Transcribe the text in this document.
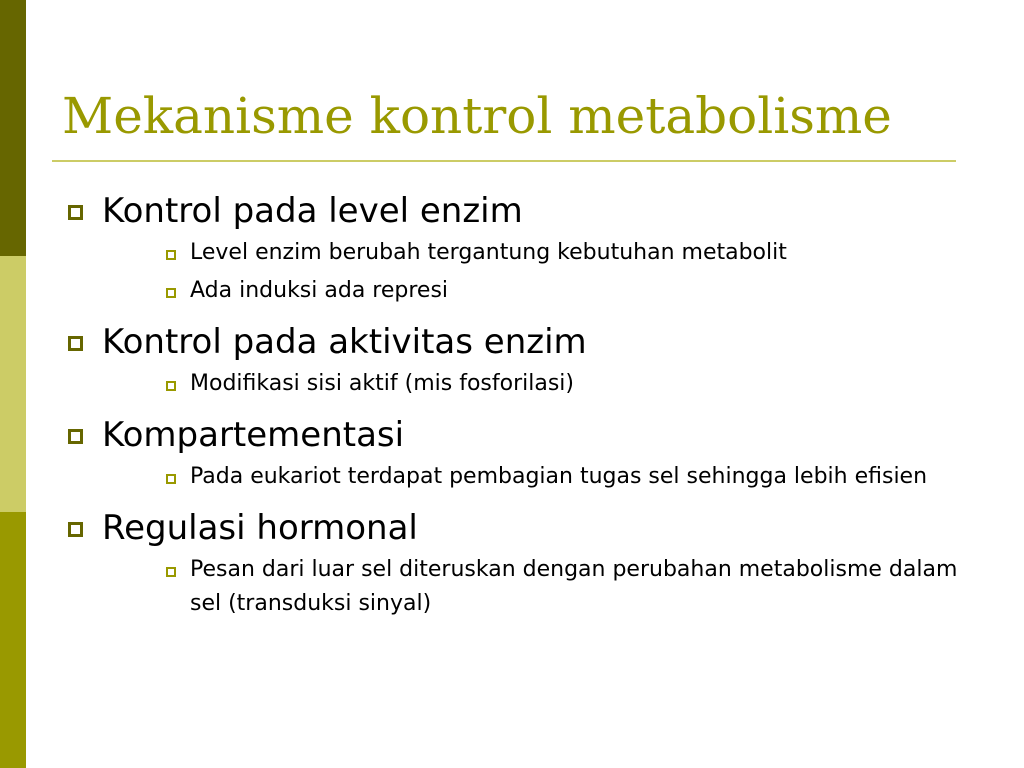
Mekanisme kontrol metabolisme
Kontrol pada level enzim
Level enzim berubah tergantung kebutuhan metabolit
Ada induksi ada represi
Kontrol pada aktivitas enzim
Modifikasi sisi aktif (mis fosforilasi)
Kompartementasi
Pada eukariot terdapat pembagian tugas sel sehingga lebih efisien
Regulasi hormonal
Pesan dari luar sel diteruskan dengan perubahan metabolisme dalam sel (transduksi sinyal)
